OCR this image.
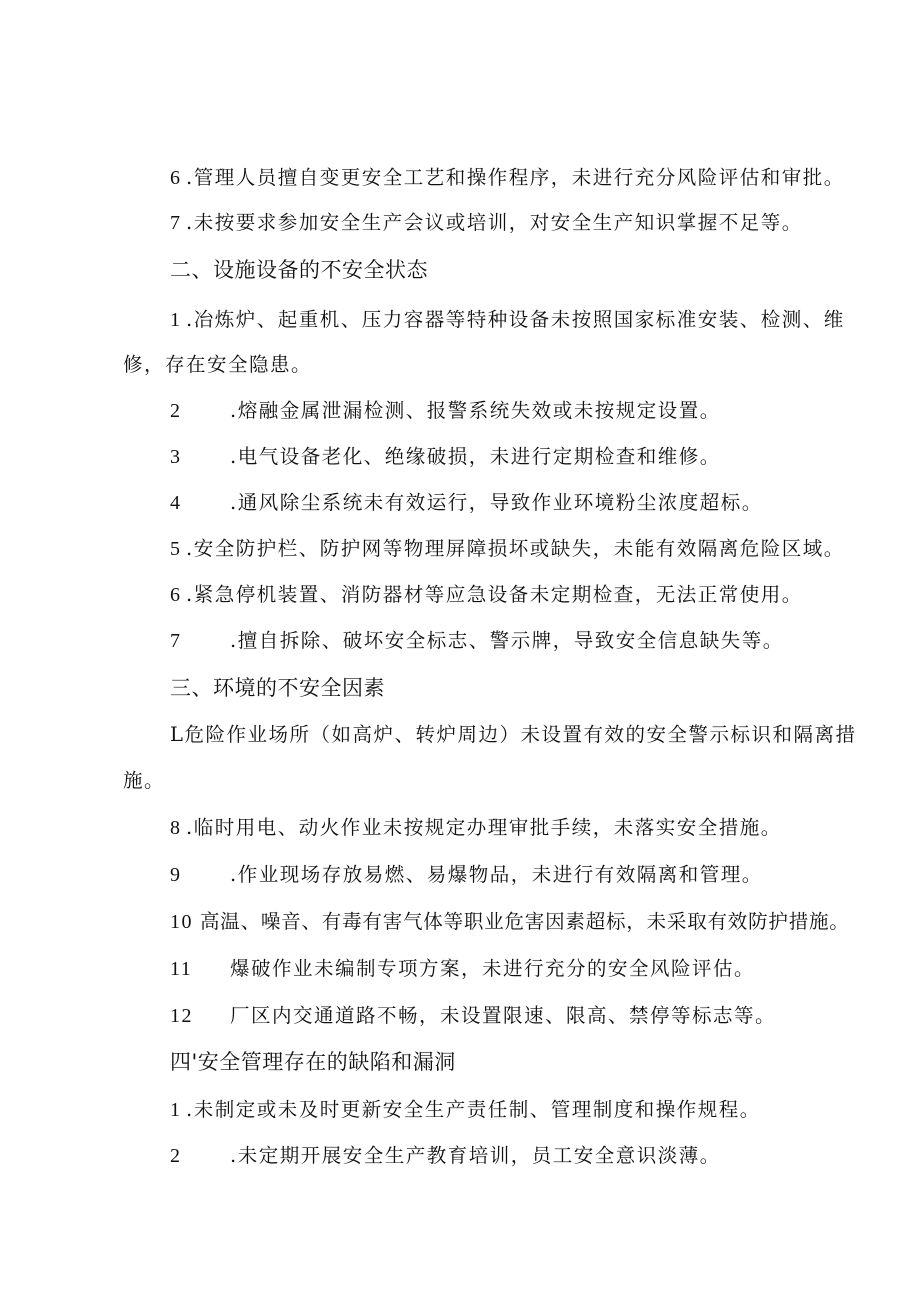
6 .管理人员擅自变更安全工艺和操作程序，未进行充分风险评估和审批。
7 .未按要求参加安全生产会议或培训，对安全生产知识掌握不足等。
二、设施设备的不安全状态
1 .冶炼炉、起重机、压力容器等特种设备未按照国家标准安装、检测、维
修，存在安全隐患。
2 .熔融金属泄漏检测、报警系统失效或未按规定设置。
3 .电气设备老化、绝缘破损，未进行定期检查和维修。
4 .通风除尘系统未有效运行，导致作业环境粉尘浓度超标。
5 .安全防护栏、防护网等物理屏障损坏或缺失，未能有效隔离危险区域。
6 .紧急停机装置、消防器材等应急设备未定期检查，无法正常使用。
7 .擅自拆除、破坏安全标志、警示牌，导致安全信息缺失等。
三、环境的不安全因素
L危险作业场所（如高炉、转炉周边）未设置有效的安全警示标识和隔离措
施。
8 .临时用电、动火作业未按规定办理审批手续，未落实安全措施。
9 .作业现场存放易燃、易爆物品，未进行有效隔离和管理。
10 高温、噪音、有毒有害气体等职业危害因素超标，未采取有效防护措施。
11 爆破作业未编制专项方案，未进行充分的安全风险评估。
12 厂区内交通道路不畅，未设置限速、限高、禁停等标志等。
四'安全管理存在的缺陷和漏洞
1 .未制定或未及时更新安全生产责任制、管理制度和操作规程。
2 .未定期开展安全生产教育培训，员工安全意识淡薄。
